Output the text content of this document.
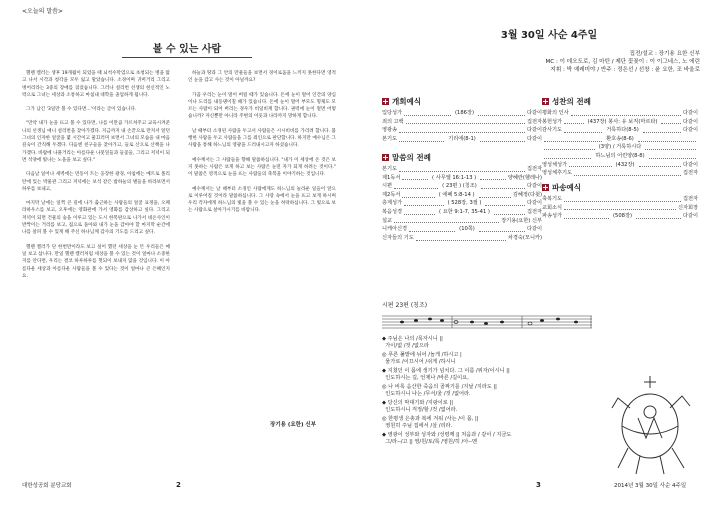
<오늘의 말씀>
볼 수 있는 사람

헬렌 켈러는 생후 19개월이 되었을 때 뇌척수막염으로 초청되는 병을 앓고 나서 시각과 청각을 모두 잃고 말았습니다. 소경이며 귀머거리 그리고 벙어리라는 3중의 장애를 겪었습니다. 그러나 설리번 선생의 헌신적인 노력으로 그녀는 세상과 소통하고 마침내 대학을 졸업하게 됩니다.

그가 남긴 '3일만 볼 수 있다면...'이라는 글이 있습니다.

"만약 내가 눈을 뜨고 볼 수 있다면, 나를 이만큼 가르쳐주고 교육시켜준 나의 선생님 애니 설리번을 찾아가겠다. 지금까지 내 손끝으로 만져서 알던 그녀의 인자한 얼굴을 몇 시간이고 물끄러미 보면서 그녀의 모습을 내 마음 깊숙이 간직해 두겠다. 다음엔 친구들을 찾아가고, 들로 산으로 산책을 나가겠다. 바람에 나풀거리는 아름다운 나뭇잎들과 들꽃들, 그리고 저녁이 되면 석양에 빛나는 노을을 보고 싶다."

다음날 일어나 새벽에는 먼동이 트는 웅장한 광경, 아침에는 메트로 폴리탄에 있는 박물관 그리고 저녁에는 보석 같은 밤하늘의 별들을 바라보면서 하루를 보내고,

마지막 날에는 일찍 큰 길에 나가 출근하는 사람들의 얼굴 표정을, 오페라하우스를 보고, 오후에는 영화관에 가서 영화를 감상하고 싶다. 그리고 저녁이 되면 건물의 숲을 이루고 있는 도시 한복판으로 나가서 네온사인이 반짝이는 거리를 보고, 집으로 돌아와 내가 눈을 감아야 할 마지막 순간에 나를 살펴 볼 수 있게 해 주신 하나님께 감사의 기도를 드리고 싶다.

헬렌 켈러가 단 한번만이라도 보고 싶어 했던 세상을 눈 뜬 우리들은 매일 보고 삽니다. 만일 헬렌 켈러처럼 세상을 볼 수 있는 것이 얼마나 소중한지를 안다면, 우리는 결코 하루하루를 헛되이 보내지 않을 것입니다. 이 아름다운 세상과 아름다운 사람들을 볼 수 있다는 것이 얼마나 큰 은혜인지요.

하늘과 땅과 그 안의 만물들을 보면서 경이로움을 느끼지 못한다면 영적인 눈을 감고 사는 것이 아닐까요?

가끔 우리는 눈이 멀어 버릴 때가 있습니다. 돈에 눈이 멀어 인간의 양심이나 도리를 내동댕이칠 때가 있습니다. 돈에 눈이 멀어 부모도 형제도 모르는 사람이 되어 버리는 경우가 비일비재 합니다. 권력에 눈이 멀면 어떻습니까? 자신뿐만 아니라 주변의 이웃과 나라까지 망하게 합니다.

날 때부터 소경된 사람을 두고서 사람들은 시시비비를 가리려 합니다. 불행한 사람을 두고 사람들을 그를 죄인으로 판단합니다. 하지만 예수님은 그 사람을 통해 하느님의 영광을 드러내시고자 하셨습니다.

예수께서는 그 사람들을 향해 말씀하십니다. "내가 이 세상에 온 것은 보지 못하는 사람은 보게 하고 보는 사람은 눈먼 자가 되게 하려는 것이다." 이 말씀은 영적으로 눈을 뜨는 사람들의 축복을 이야기하는 것입니다.

예수께서는 날 때부터 소경인 사람에게도 하느님의 놀라운 일들이 앞으로 이루어질 것이라 말씀하십니다. 그 사랑 속에서 눈을 뜨고 보게 하시며 우리 각자에게 하느님의 빛을 볼 수 있는 눈을 허락하십니다. 그 빛으로 보는 사람으로 살아가시기를 바랍니다.

장기용 (요한) 신부
대한성공회 분당교회	2
3월 30일 사순 4주일
집전/설교 : 장기용 요한 신부
MC : 이 데오도로, 김 마틴 / 제단 꽃꽂이 : 이 이그네스, 노 에린
지휘 : 박 예레미야 / 반주 : 정은선 / 선창 : 윤 요한, 조 바울로
개회예식
입당성가	(186장)	다같이
죄의 고백	집전자
영광송	다같이
본기도	기리에(8-1)	다같이
말씀의 전례
본기도	집전자
제1독서	( 사무엘 16:1-13 )	양혜란(헬레나)
시편	( 23편 ) (칭조)	다같이
제2독서	( 에페 5:8-14 )	김혜정(다윗)
층계성가	( 528장, 3절 )	다같이
복음성경	( 요한 9:1-7, 35-41 )	집전자
설교	장기용(요한) 신부
니케아신경	(10쪽)	다같이
신자들의 기도	차경숙(모니카)
성찬의 전례
평화의 인사	다같이
봉헌성가	(437장) 봉사: 유 보직(마르타)	다같이
감사기도	거룩하다(8-5)	다같이
환호송(8-6)
(3양) / 거룩하시다
하느님의 어린양(8-8)
영성체성가	(432장)	다같이
영성체후기도	집전자
파송예식
축복기도	집전자
교회소식	신자회장
파송성가	(508장)	다같이
시편 23편 (칭조)
◆ 주님은 나의 /목자시니 ||
가이/없 /것 /없으라
◎ 푸른 풀밭에 뉘어 /놀게 /하시고 |
물가로 /이끄시어 /쉬게 /하시니
◆ 지쳤던 이 몸에 생기가 넘치다. 그 이름 /위자/이시니 ||
인도하시는 길, 언제나 /바른 /길이요,
◎ 나 비록 음산한 죽음의 골짜기를 /지날 /지라도 ||
인도하시니 나는 /무서/울 /것 /없어라.
◆ 당신의 막대기와 /지팡이로 ||
인도하시니 걱정/할 /것 /없어라.
◎ 한평생 은총과 복에 겨워 /사는 /이 몸, ||
영원히 주님 집에서 /살 /리라.
◆ 영광이 성부와 성자와 /성령께 || 처음과 / 같이 / 지금도
그/라--/고 || 영/원/토/록 /영원/히 /아--멘
2014년 3월 30일 사순 4주일
3
